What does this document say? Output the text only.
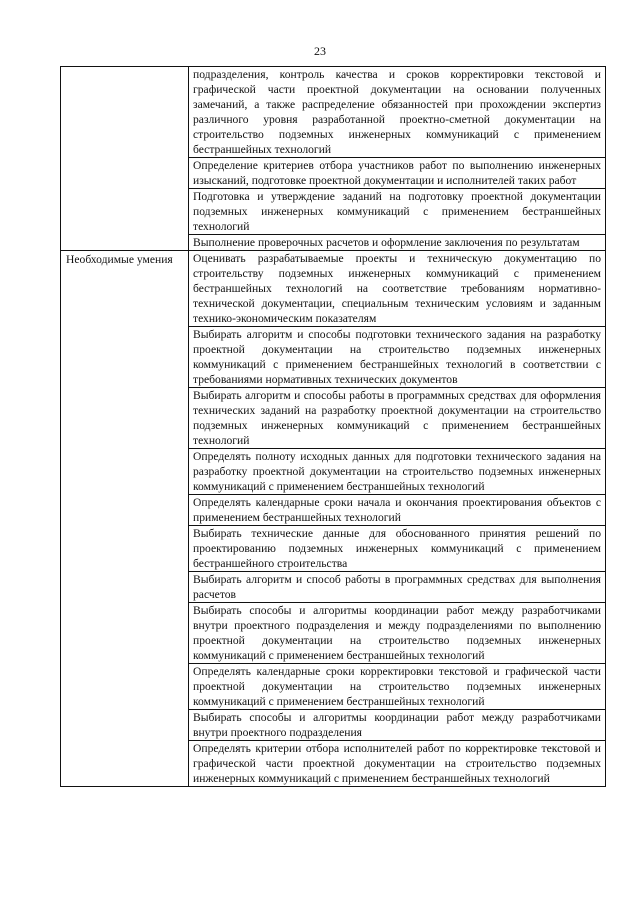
23
	подразделения, контроль качества и сроков корректировки текстовой и графической части проектной документации на основании полученных замечаний, а также распределение обязанностей при прохождении экспертиз различного уровня разработанной проектно-сметной документации на строительство подземных инженерных коммуникаций с применением бестраншейных технологий
	Определение критериев отбора участников работ по выполнению инженерных изысканий, подготовке проектной документации и исполнителей таких работ
	Подготовка и утверждение заданий на подготовку проектной документации подземных инженерных коммуникаций с применением бестраншейных технологий
	Выполнение проверочных расчетов и оформление заключения по результатам
Необходимые умения	Оценивать разрабатываемые проекты и техническую документацию по строительству подземных инженерных коммуникаций с применением бестраншейных технологий на соответствие требованиям нормативно-технической документации, специальным техническим условиям и заданным технико-экономическим показателям
	Выбирать алгоритм и способы подготовки технического задания на разработку проектной документации на строительство подземных инженерных коммуникаций с применением бестраншейных технологий в соответствии с требованиями нормативных технических документов
	Выбирать алгоритм и способы работы в программных средствах для оформления технических заданий на разработку проектной документации на строительство подземных инженерных коммуникаций с применением бестраншейных технологий
	Определять полноту исходных данных для подготовки технического задания на разработку проектной документации на строительство подземных инженерных коммуникаций с применением бестраншейных технологий
	Определять календарные сроки начала и окончания проектирования объектов с применением бестраншейных технологий
	Выбирать технические данные для обоснованного принятия решений по проектированию подземных инженерных коммуникаций с применением бестраншейного строительства
	Выбирать алгоритм и способ работы в программных средствах для выполнения расчетов
	Выбирать способы и алгоритмы координации работ между разработчиками внутри проектного подразделения и между подразделениями по выполнению проектной документации на строительство подземных инженерных коммуникаций с применением бестраншейных технологий
	Определять календарные сроки корректировки текстовой и графической части проектной документации на строительство подземных инженерных коммуникаций с применением бестраншейных технологий
	Выбирать способы и алгоритмы координации работ между разработчиками внутри проектного подразделения
	Определять критерии отбора исполнителей работ по корректировке текстовой и графической части проектной документации на строительство подземных инженерных коммуникаций с применением бестраншейных технологий
